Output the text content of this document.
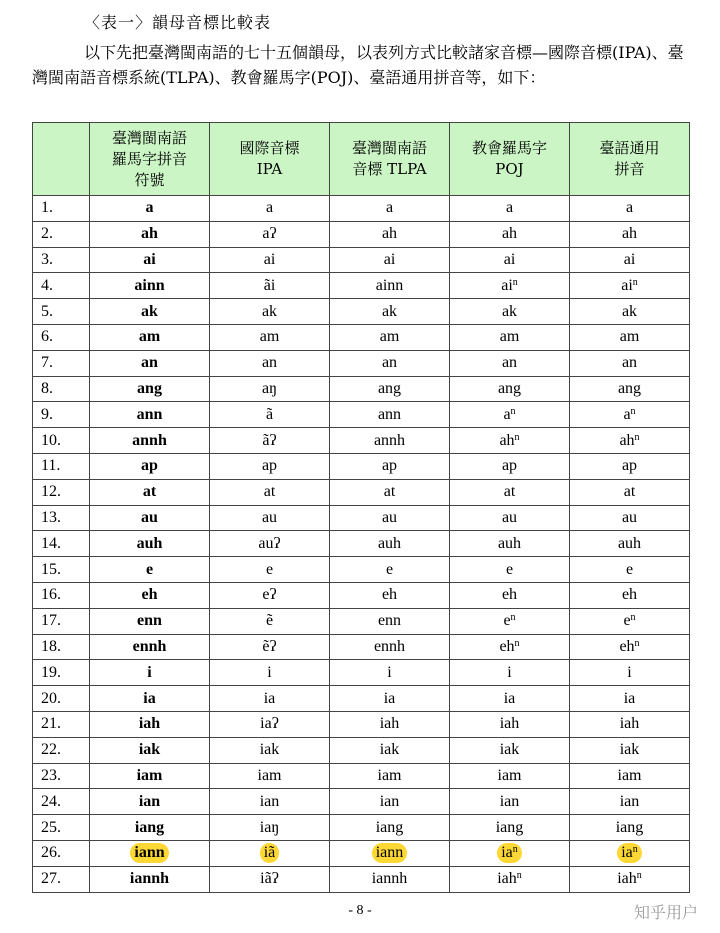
〈表一〉韻母音標比較表
以下先把臺灣閩南語的七十五個韻母，以表列方式比較諸家音標—國際音標(IPA)、臺灣閩南語音標系統(TLPA)、教會羅馬字(POJ)、臺語通用拼音等，如下：
	臺灣閩南語
羅馬字拼音
符號	國際音標
IPA	臺灣閩南語
音標 TLPA	教會羅馬字
POJ	臺語通用
拼音
1.	a	a	a	a	a
2.	ah	aʔ	ah	ah	ah
3.	ai	ai	ai	ai	ai
4.	ainn	ãi	ainn	$ai^n$	$ai^n$
5.	ak	ak	ak	ak	ak
6.	am	am	am	am	am
7.	an	an	an	an	an
8.	ang	aŋ	ang	ang	ang
9.	ann	ã	ann	$a^n$	$a^n$
10.	annh	ãʔ	annh	$ah^n$	$ah^n$
11.	ap	ap	ap	ap	ap
12.	at	at	at	at	at
13.	au	au	au	au	au
14.	auh	auʔ	auh	auh	auh
15.	e	e	e	e	e
16.	eh	eʔ	eh	eh	eh
17.	enn	ẽ	enn	$e^n$	$e^n$
18.	ennh	ẽʔ	ennh	$eh^n$	$eh^n$
19.	i	i	i	i	i
20.	ia	ia	ia	ia	ia
21.	iah	iaʔ	iah	iah	iah
22.	iak	iak	iak	iak	iak
23.	iam	iam	iam	iam	iam
24.	ian	ian	ian	ian	ian
25.	iang	iaŋ	iang	iang	iang
26.	iann	iã	iann	$ia^n$	$ia^n$
27.	iannh	iãʔ	iannh	iah$^n$	iah$^n$
- 8 -	知乎用户
